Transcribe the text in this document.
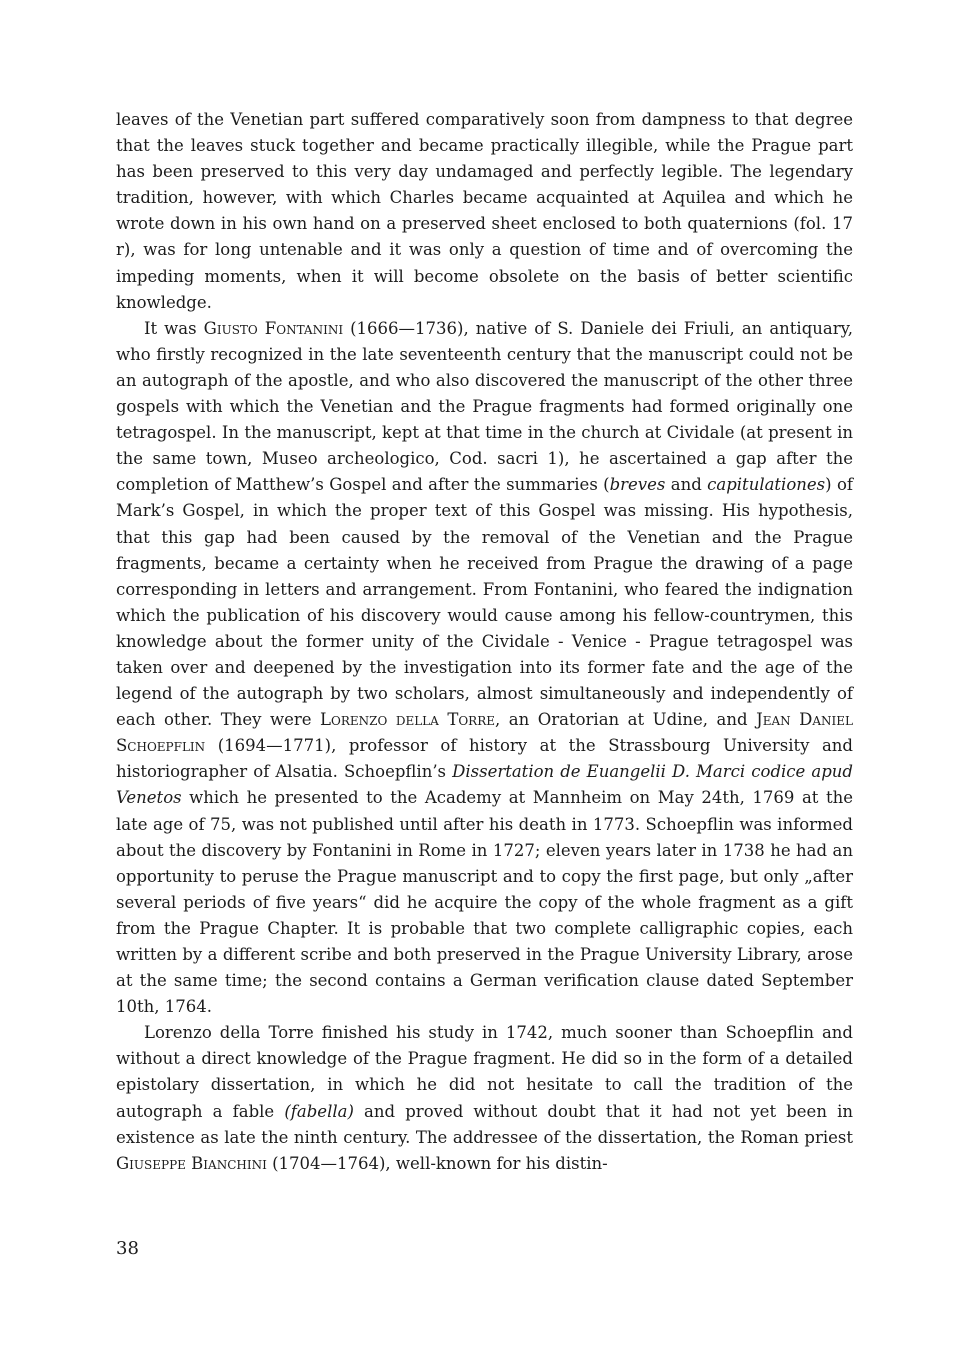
leaves of the Venetian part suffered comparatively soon from dampness to that degree that the leaves stuck together and became practically illegible, while the Prague part has been preserved to this very day undamaged and perfectly legible. The legendary tradition, however, with which Charles became acquainted at Aquilea and which he wrote down in his own hand on a preserved sheet enclosed to both quaternions (fol. 17 r), was for long untenable and it was only a question of time and of overcoming the impeding moments, when it will become obsolete on the basis of better scientific knowledge.

It was Giusto Fontanini (1666—1736), native of S. Daniele dei Friuli, an antiquary, who firstly recognized in the late seventeenth century that the manuscript could not be an autograph of the apostle, and who also discovered the manuscript of the other three gospels with which the Venetian and the Prague fragments had formed originally one tetragospel. In the manuscript, kept at that time in the church at Cividale (at present in the same town, Museo archeologico, Cod. sacri 1), he ascertained a gap after the completion of Matthew’s Gospel and after the summaries (breves and capitulationes) of Mark’s Gospel, in which the proper text of this Gospel was missing. His hypothesis, that this gap had been caused by the removal of the Venetian and the Prague fragments, became a certainty when he received from Prague the drawing of a page corresponding in letters and arrangement. From Fontanini, who feared the indignation which the publication of his discovery would cause among his fellow-countrymen, this knowledge about the former unity of the Cividale - Venice - Prague tetragospel was taken over and deepened by the investigation into its former fate and the age of the legend of the autograph by two scholars, almost simultaneously and independently of each other. They were Lorenzo della Torre, an Oratorian at Udine, and Jean Daniel Schoepflin (1694—1771), professor of history at the Strassbourg University and historiographer of Alsatia. Schoepflin’s Dissertation de Euangelii D. Marci codice apud Venetos which he presented to the Academy at Mannheim on May 24th, 1769 at the late age of 75, was not published until after his death in 1773. Schoepflin was informed about the discovery by Fontanini in Rome in 1727; eleven years later in 1738 he had an opportunity to peruse the Prague manuscript and to copy the first page, but only „after several periods of five years“ did he acquire the copy of the whole fragment as a gift from the Prague Chapter. It is probable that two complete calligraphic copies, each written by a different scribe and both preserved in the Prague University Library, arose at the same time; the second contains a German verification clause dated September 10th, 1764.

Lorenzo della Torre finished his study in 1742, much sooner than Schoepflin and without a direct knowledge of the Prague fragment. He did so in the form of a detailed epistolary dissertation, in which he did not hesitate to call the tradition of the autograph a fable (fabella) and proved without doubt that it had not yet been in existence as late the ninth century. The addressee of the dissertation, the Roman priest Giuseppe Bianchini (1704—1764), well-known for his distin-

38
